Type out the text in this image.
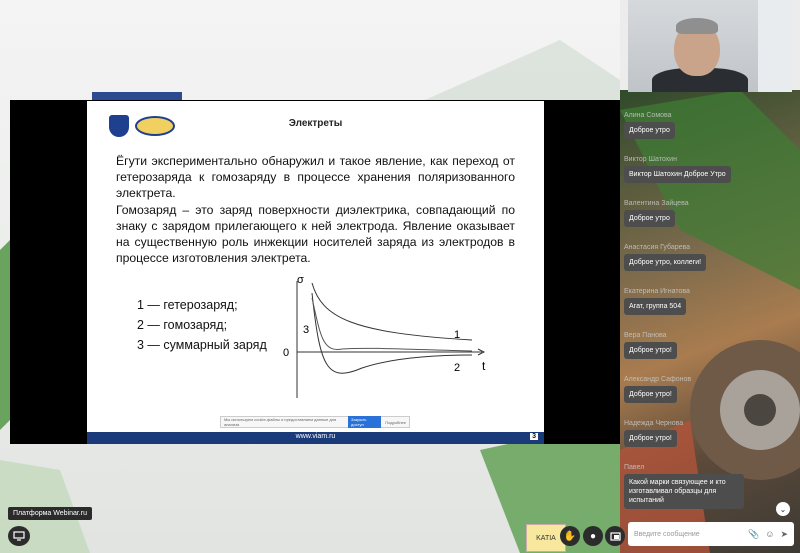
Электреты
Ёгути экспериментально обнаружил и такое явление, как переход от гетерозаряда к гомозаряду в процессе хранения поляризованного электрета.
Гомозаряд – это заряд поверхности диэлектрика, совпадающий по знаку с зарядом прилегающего к ней электрода. Явление оказывает на существенную роль инжекции носителей заряда из электродов в процессе изготовления электрета.
1 — гетерозаряд;
2 — гомозаряд;
3 — суммарный заряд
σ
t
0
1
2
3
www.viam.ru	3
Мы используем cookie-файлы и предоставляем данные для анализа
Закрыть доступ	Подробнее
Алина Сомова
Доброе утро
Виктор Шатохин
Виктор Шатохин Доброе Утро
Валентина Зайцева
Доброе утро
Анастасия Губарева
Доброе утро, коллеги!
Екатерина Игнатова
Агат, группа 504
Вера Панова
Доброе утро!
Александр Сафонов
Доброе утро!
Надежда Чернова
Доброе утро!
Павел
Какой марки связующее и кто изготавливал образцы для испытаний
⌄
Платформа Webinar.ru
KATIA ✋ ●	Введите сообщение	📎 ☺ ➤
